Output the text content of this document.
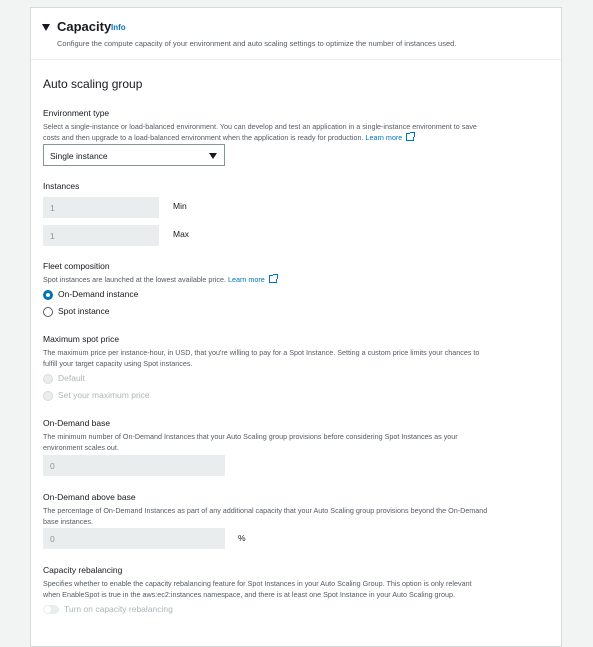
Capacity Info
Configure the compute capacity of your environment and auto scaling settings to optimize the number of instances used.
Auto scaling group
Environment type
Select a single-instance or load-balanced environment. You can develop and test an application in a single-instance environment to save
costs and then upgrade to a load-balanced environment when the application is ready for production. Learn more
Single instance
Instances
1	Min
1	Max
Fleet composition
Spot instances are launched at the lowest available price. Learn more
On-Demand instance
Spot instance
Maximum spot price
The maximum price per instance-hour, in USD, that you're willing to pay for a Spot Instance. Setting a custom price limits your chances to
fulfill your target capacity using Spot instances.
Default
Set your maximum price
On-Demand base
The minimum number of On-Demand Instances that your Auto Scaling group provisions before considering Spot Instances as your
environment scales out.
0
On-Demand above base
The percentage of On-Demand Instances as part of any additional capacity that your Auto Scaling group provisions beyond the On-Demand
base instances.
0	%
Capacity rebalancing
Specifies whether to enable the capacity rebalancing feature for Spot Instances in your Auto Scaling Group. This option is only relevant
when EnableSpot is true in the aws:ec2:instances namespace, and there is at least one Spot Instance in your Auto Scaling group.
Turn on capacity rebalancing
